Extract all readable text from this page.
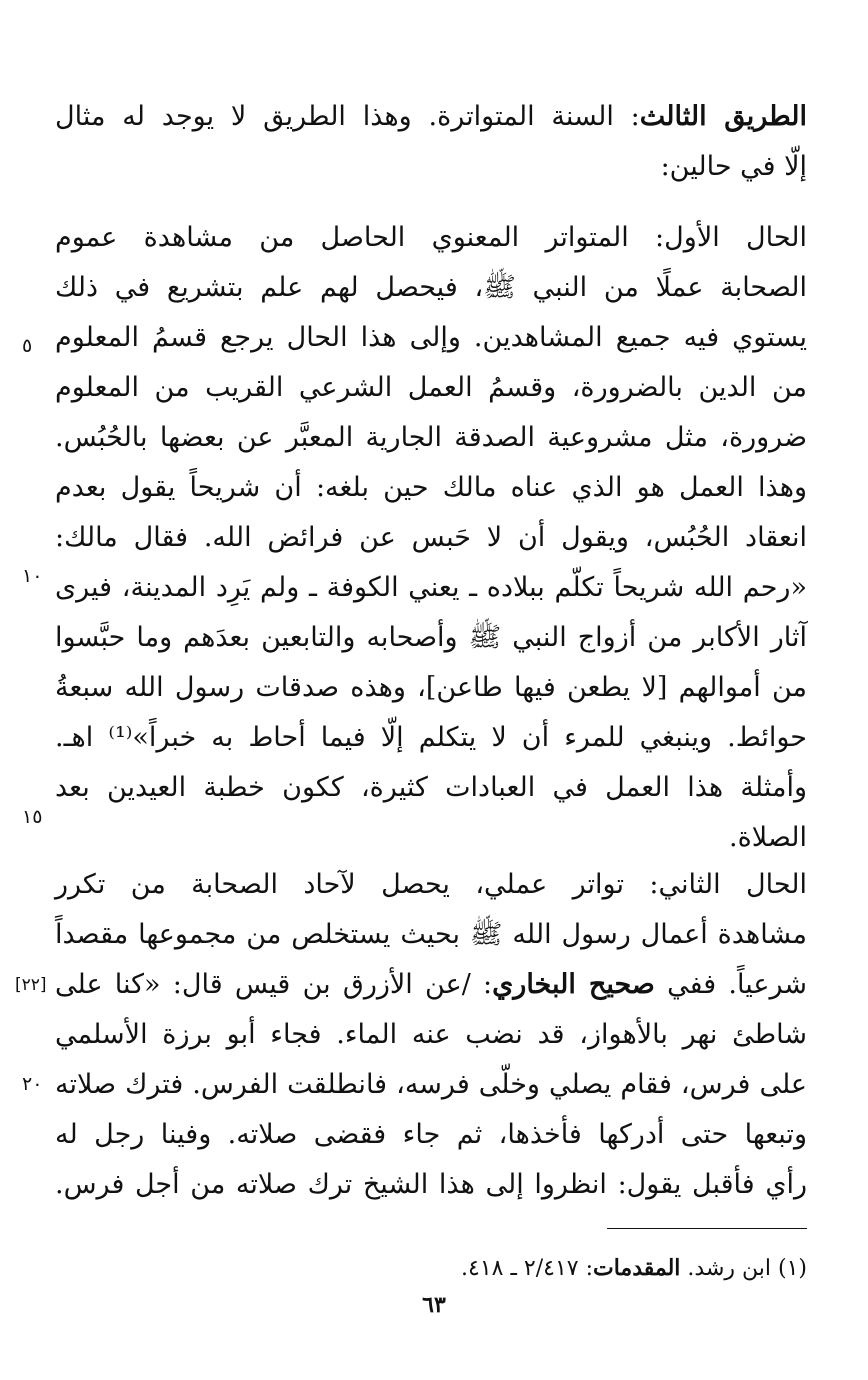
الطريق الثالث: السنة المتواترة. وهذا الطريق لا يوجد له مثال
إلّا في حالين:
الحال الأول: المتواتر المعنوي الحاصل من مشاهدة عموم
الصحابة عملًا من النبي ﷺ، فيحصل لهم علم بتشريع في ذلك
يستوي فيه جميع المشاهدين. وإلى هذا الحال يرجع قسمُ المعلوم
من الدين بالضرورة، وقسمُ العمل الشرعي القريب من المعلوم
ضرورة، مثل مشروعية الصدقة الجارية المعبَّر عن بعضها بالحُبُس.
وهذا العمل هو الذي عناه مالك حين بلغه: أن شريحاً يقول بعدم
انعقاد الحُبُس، ويقول أن لا حَبس عن فرائض الله. فقال مالك:
«رحم الله شريحاً تكلّم ببلاده ـ يعني الكوفة ـ ولم يَرِد المدينة، فيرى
آثار الأكابر من أزواج النبي ﷺ وأصحابه والتابعين بعدَهم وما حبَّسوا
من أموالهم [لا يطعن فيها طاعن]، وهذه صدقات رسول الله سبعةُ
حوائط. وينبغي للمرء أن لا يتكلم إلّا فيما أحاط به خبراً»⁽¹⁾ اهـ.
وأمثلة هذا العمل في العبادات كثيرة، ككون خطبة العيدين بعد
الصلاة.
الحال الثاني: تواتر عملي، يحصل لآحاد الصحابة من تكرر
مشاهدة أعمال رسول الله ﷺ بحيث يستخلص من مجموعها مقصداً
شرعياً. ففي صحيح البخاري: /عن الأزرق بن قيس قال: «كنا على
شاطئ نهر بالأهواز، قد نضب عنه الماء. فجاء أبو برزة الأسلمي
على فرس، فقام يصلي وخلّى فرسه، فانطلقت الفرس. فترك صلاته
وتبعها حتى أدركها فأخذها، ثم جاء فقضى صلاته. وفينا رجل له
رأي فأقبل يقول: انظروا إلى هذا الشيخ ترك صلاته من أجل فرس.
٥
١٠
١٥
٢٠
[٢٢]
(١) ابن رشد. المقدمات: ٢/٤١٧ ـ ٤١٨.
٦٣
